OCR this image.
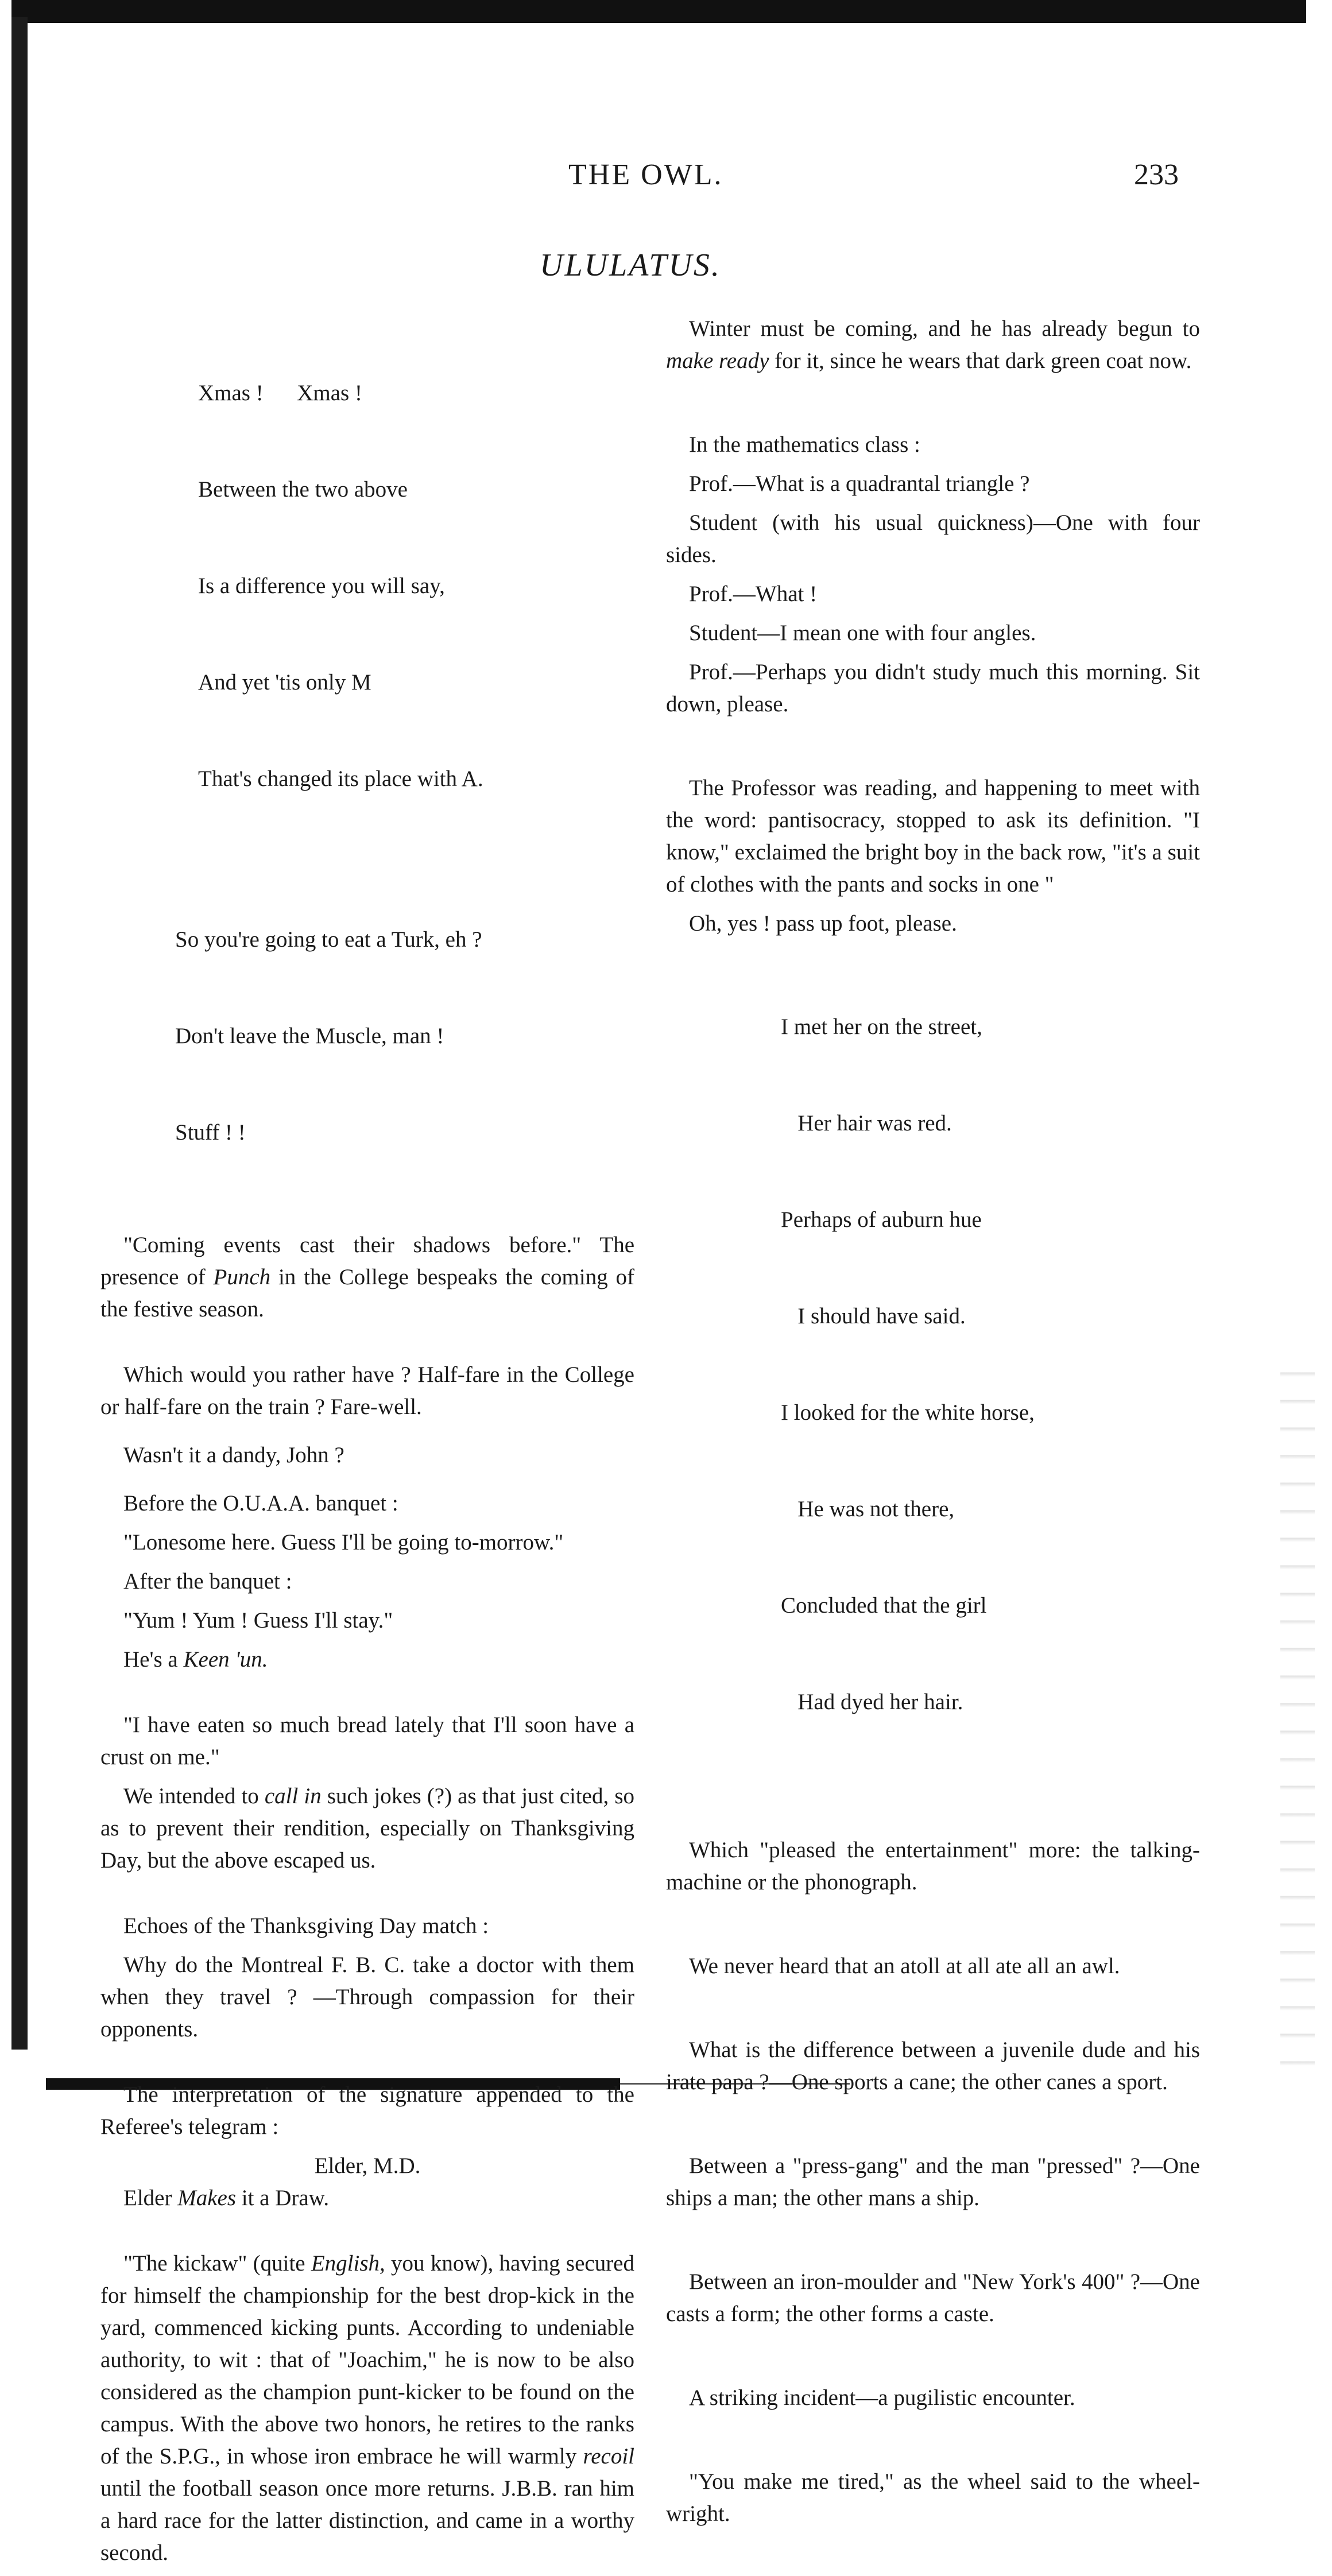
THE OWL.	233
ULULATUS.

Xmas !      Xmas !

Between the two above

Is a difference you will say,

And yet 'tis only M

That's changed its place with A.

So you're going to eat a Turk, eh ?

Don't leave the Muscle, man !

Stuff ! !

"Coming events cast their shadows before." The presence of Punch in the College bespeaks the coming of the festive season.

Which would you rather have ? Half-fare in the College or half-fare on the train ? Fare-well.

Wasn't it a dandy, John ?

Before the O.U.A.A. banquet :

"Lonesome here. Guess I'll be going to-morrow."

After the banquet :

"Yum ! Yum ! Guess I'll stay."

He's a Keen 'un.

"I have eaten so much bread lately that I'll soon have a crust on me."

We intended to call in such jokes (?) as that just cited, so as to prevent their rendition, especially on Thanksgiving Day, but the above escaped us.

Echoes of the Thanksgiving Day match :

Why do the Montreal F. B. C. take a doctor with them when they travel ? —Through compassion for their opponents.

The interpretation of the signature appended to the Referee's telegram :

Elder, M.D.

Elder Makes it a Draw.

"The kickaw" (quite English, you know), having secured for himself the championship for the best drop-kick in the yard, commenced kicking punts. According to undeniable authority, to wit : that of "Joachim," he is now to be also considered as the champion punt-kicker to be found on the campus. With the above two honors, he retires to the ranks of the S.P.G., in whose iron embrace he will warmly recoil until the football season once more returns. J.B.B. ran him a hard race for the latter distinction, and came in a worthy second.

Winter must be coming, and he has already begun to make ready for it, since he wears that dark green coat now.

In the mathematics class :

Prof.—What is a quadrantal triangle ?

Student (with his usual quickness)—One with four sides.

Prof.—What !

Student—I mean one with four angles.

Prof.—Perhaps you didn't study much this morning. Sit down, please.

The Professor was reading, and happening to meet with the word: pantisocracy, stopped to ask its definition. "I know," exclaimed the bright boy in the back row, "it's a suit of clothes with the pants and socks in one "

Oh, yes ! pass up foot, please.

I met her on the street,

Her hair was red.

Perhaps of auburn hue

I should have said.

I looked for the white horse,

He was not there,

Concluded that the girl

Had dyed her hair.

Which "pleased the entertainment" more: the talking-machine or the phonograph.

We never heard that an atoll at all ate all an awl.

What is the difference between a juvenile dude and his irate papa ?—One sports a cane; the other canes a sport.

Between a "press-gang" and the man "pressed" ?—One ships a man; the other mans a ship.

Between an iron-moulder and "New York's 400" ?—One casts a form; the other forms a caste.

A striking incident—a pugilistic encounter.

"You make me tired," as the wheel said to the wheel-wright.
